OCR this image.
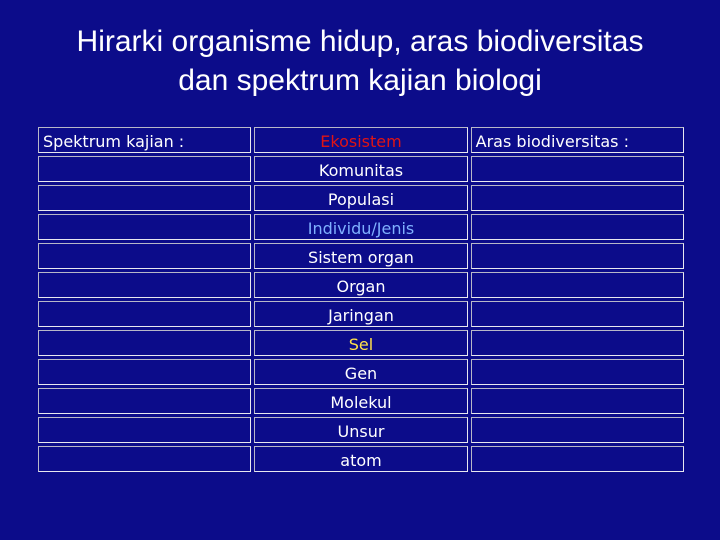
Hirarki organisme hidup, aras biodiversitas
dan spektrum kajian biologi
Spektrum kajian :	Ekosistem	Aras biodiversitas :
	Komunitas	
	Populasi	
	Individu/Jenis	
	Sistem organ	
	Organ	
	Jaringan	
	Sel	
	Gen	
	Molekul	
	Unsur	
	atom	
